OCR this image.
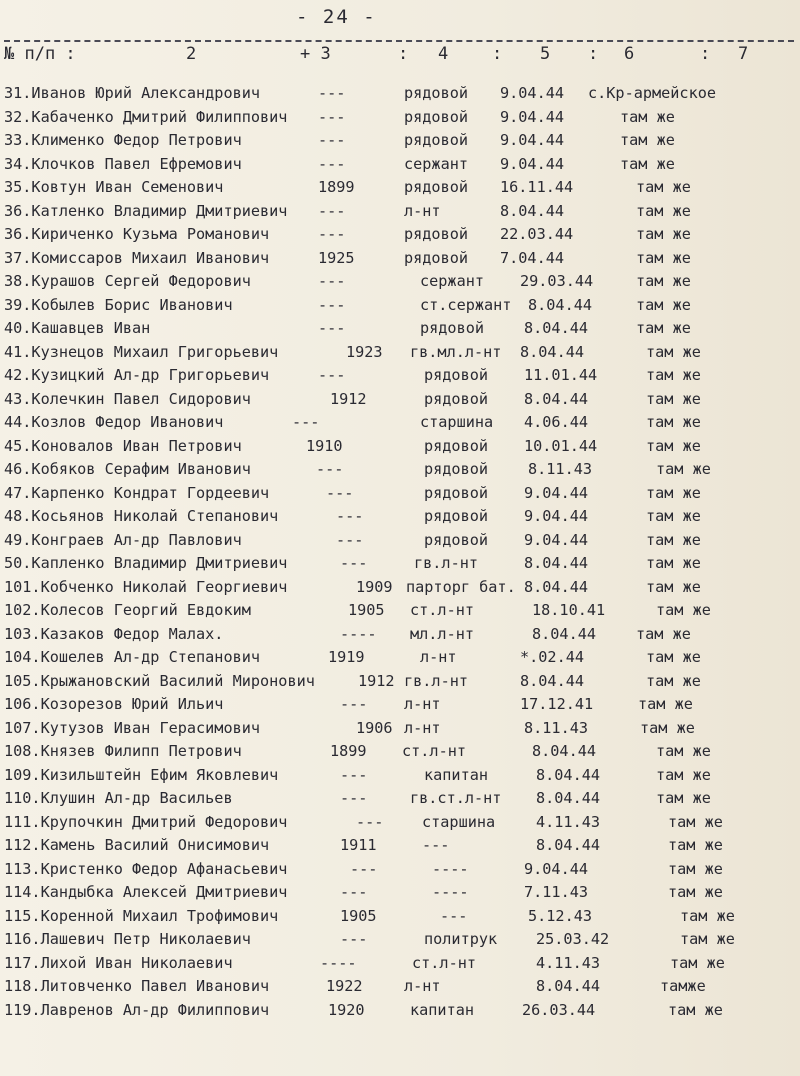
- 24 -
№ п/п :	2	+ 3	: 4	: 5 : 6	: 7
31.Иванов Юрий Александрович	---	рядовой 9.04.44 с.Кр-армейское
32.Кабаченко Дмитрий Филиппович ---	рядовой 9.04.44	там же
33.Клименко Федор Петрович	---	рядовой 9.04.44	там же
34.Клочков Павел Ефремович	---	сержант 9.04.44	там же
35.Ковтун Иван Семенович	1899	рядовой 16.11.44	там же
36.Катленко Владимир Дмитриевич ---	л-нт	8.04.44	там же
36.Кириченко Кузьма Романович	---	рядовой 22.03.44	там же
37.Комиссаров Михаил Иванович	1925	рядовой 7.04.44	там же
38.Курашов Сергей Федорович	---	сержант 29.03.44	там же
39.Кобылев Борис Иванович	---	ст.сержант 8.04.44	там же
40.Кашавцев Иван	---	рядовой	8.04.44	там же
41.Кузнецов Михаил Григорьевич	1923 гв.мл.л-нт 8.04.44	там же
42.Кузицкий Ал-др Григорьевич	---	рядовой 11.01.44	там же
43.Колечкин Павел Сидорович	1912	рядовой 8.04.44	там же
44.Козлов Федор Иванович	---	старшина 4.06.44	там же
45.Коновалов Иван Петрович	1910	рядовой 10.01.44	там же
46.Кобяков Серафим Иванович	---	рядовой	8.11.43	там же
47.Карпенко Кондрат Гордеевич	---	рядовой 9.04.44	там же
48.Косьянов Николай Степанович	---	рядовой 9.04.44	там же
49.Конграев Ал-др Павлович	---	рядовой 9.04.44	там же
50.Капленко Владимир Дмитриевич	---	гв.л-нт	8.04.44	там же
101.Кобченко Николай Георгиевич	1909 парторг бат. 8.04.44	там же
102.Колесов Георгий Евдоким	1905 ст.л-нт	18.10.41	там же
103.Казаков Федор Малах.	---- мл.л-нт	8.04.44	там же
104.Кошелев Ал-др Степанович	1919	л-нт	*.02.44	там же
105.Крыжановский Василий Миронович	1912 гв.л-нт	8.04.44	там же
106.Козорезов Юрий Ильич	--- л-нт	17.12.41	там же
107.Кутузов Иван Герасимович	1906 л-нт	8.11.43	там же
108.Князев Филипп Петрович	1899 ст.л-нт	8.04.44	там же
109.Кизильштейн Ефим Яковлевич	---	капитан	8.04.44	там же
110.Клушин Ал-др Васильев	---	гв.ст.л-нт 8.04.44	там же
111.Крупочкин Дмитрий Федорович	---	старшина	4.11.43	там же
112.Камень Василий Онисимович	1911	---	8.04.44	там же
113.Кристенко Федор Афанасьевич	---	----	9.04.44	там же
114.Кандыбка Алексей Дмитриевич	---	----	7.11.43	там же
115.Коренной Михаил Трофимович	1905	---	5.12.43	там же
116.Лашевич Петр Николаевич	---	политрук	25.03.42	там же
117.Лихой Иван Николаевич	----	ст.л-нт	4.11.43	там же
118.Литовченко Павел Иванович	1922	л-нт	8.04.44	тамже
119.Лавренов Ал-др Филиппович	1920	капитан	26.03.44	там же
